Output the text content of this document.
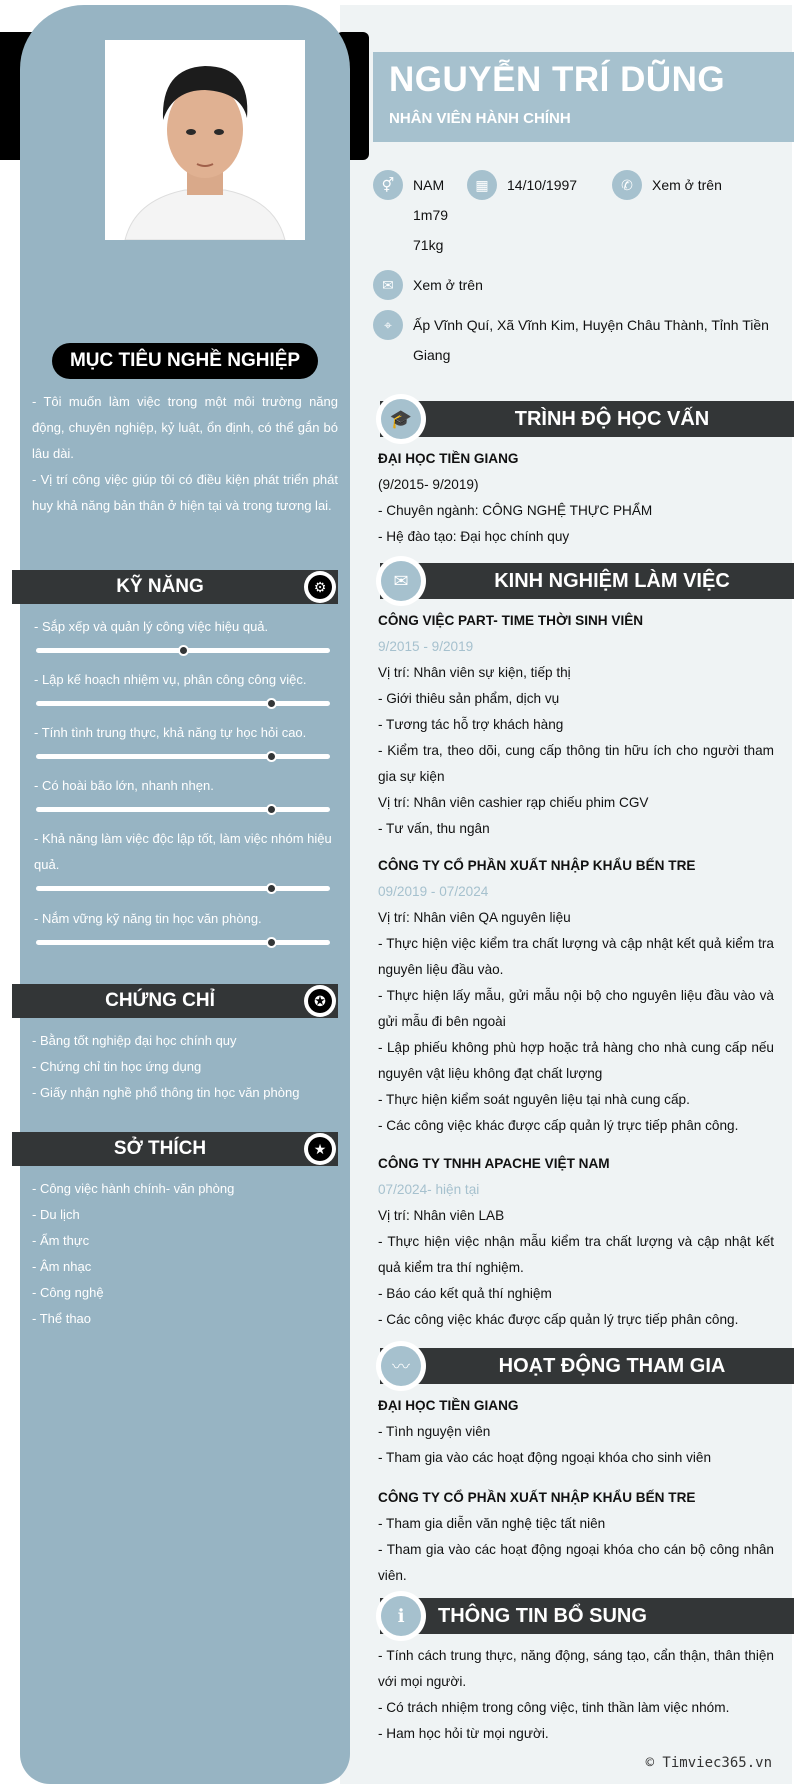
MỤC TIÊU NGHỀ NGHIỆP

- Tôi muốn làm việc trong một môi trường năng động, chuyên nghiệp, kỷ luật, ổn định, có thể gắn bó lâu dài.

- Vị trí công việc giúp tôi có điều kiện phát triển phát huy khả năng bản thân ở hiện tại và trong tương lai.

KỸ NĂNG	⚙
- Sắp xếp và quản lý công việc hiệu quả.
- Lập kế hoạch nhiệm vụ, phân công công việc.
- Tính tình trung thực, khả năng tự học hỏi cao.
- Có hoài bão lớn, nhanh nhẹn.
- Khả năng làm việc độc lập tốt, làm việc nhóm hiệu quả.
- Nắm vững kỹ năng tin học văn phòng.
CHỨNG CHỈ	✪
- Bằng tốt nghiệp đại học chính quy
- Chứng chỉ tin học ứng dụng
- Giấy nhận nghề phổ thông tin học văn phòng
SỞ THÍCH	★
- Công việc hành chính- văn phòng
- Du lịch
- Ẩm thực
- Âm nhạc
- Công nghệ
- Thể thao
NGUYỄN TRÍ DŨNG
NHÂN VIÊN HÀNH CHÍNH
⚥	NAM	▦	14/10/1997	✆	Xem ở trên
1m79
71kg
✉	Xem ở trên
⌖	Ấp Vĩnh Quí, Xã Vĩnh Kim, Huyện Châu Thành, Tỉnh Tiền
Giang
TRÌNH ĐỘ HỌC VẤN
🎓
ĐẠI HỌC TIỀN GIANG
(9/2015- 9/2019)
- Chuyên ngành: CÔNG NGHỆ THỰC PHẨM
- Hệ đào tạo: Đại học chính quy
KINH NGHIỆM LÀM VIỆC
✉
CÔNG VIỆC PART- TIME THỜI SINH VIÊN
9/2015 - 9/2019
Vị trí: Nhân viên sự kiện, tiếp thị
- Giới thiêu sản phẩm, dịch vụ
- Tương tác hỗ trợ khách hàng
- Kiểm tra, theo dõi, cung cấp thông tin hữu ích cho người tham gia sự kiện
Vị trí: Nhân viên cashier rạp chiếu phim CGV
- Tư vấn, thu ngân
CÔNG TY CỔ PHẦN XUẤT NHẬP KHẨU BẾN TRE
09/2019 - 07/2024
Vị trí: Nhân viên QA nguyên liệu
- Thực hiện việc kiểm tra chất lượng và cập nhật kết quả kiểm tra nguyên liệu đầu vào.
- Thực hiện lấy mẫu, gửi mẫu nội bộ cho nguyên liệu đầu vào và gửi mẫu đi bên ngoài
- Lập phiếu không phù hợp hoặc trả hàng cho nhà cung cấp nếu nguyên vật liệu không đạt chất lượng
- Thực hiện kiểm soát nguyên liệu tại nhà cung cấp.
- Các công việc khác được cấp quản lý trực tiếp phân công.
CÔNG TY TNHH APACHE VIỆT NAM
07/2024- hiện tại
Vị trí: Nhân viên LAB
- Thực hiện việc nhận mẫu kiểm tra chất lượng và cập nhật kết quả kiểm tra thí nghiệm.
- Báo cáo kết quả thí nghiệm
- Các công việc khác được cấp quản lý trực tiếp phân công.
HOẠT ĐỘNG THAM GIA
〰
ĐẠI HỌC TIỀN GIANG
- Tình nguyện viên
- Tham gia vào các hoạt động ngoại khóa cho sinh viên
CÔNG TY CỔ PHẦN XUẤT NHẬP KHẨU BẾN TRE
- Tham gia diễn văn nghệ tiệc tất niên
- Tham gia vào các hoạt động ngoại khóa cho cán bộ công nhân viên.
THÔNG TIN BỔ SUNG
ℹ
- Tính cách trung thực, năng động, sáng tạo, cẩn thận, thân thiện với mọi người.
- Có trách nhiệm trong công việc, tinh thần làm việc nhóm.
- Ham học hỏi từ mọi người.
© Timviec365.vn
